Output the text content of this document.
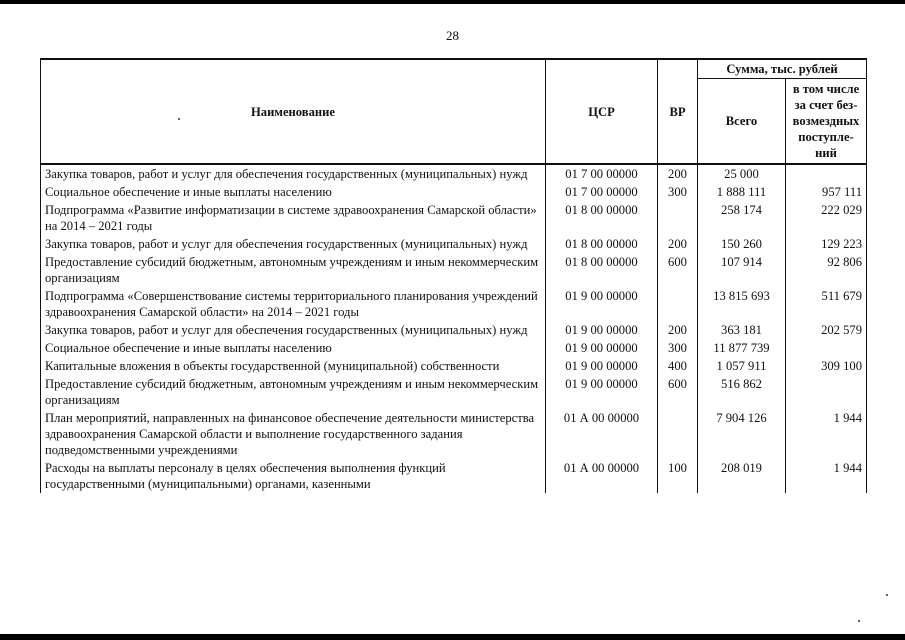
28
Наименование	ЦСР	ВР	Сумма, тыс. рублей	
			Всего	в том числе за счет без-возмездных поступле-ний
Закупка товаров, работ и услуг для обеспечения государственных (муниципальных) нужд	01 7 00 00000	200	25 000	
Социальное обеспечение и иные выплаты населению	01 7 00 00000	300	1 888 111	957 111
Подпрограмма «Развитие информатизации в системе здравоохранения Самарской области» на 2014 – 2021 годы	01 8 00 00000		258 174	222 029
Закупка товаров, работ и услуг для обеспечения государственных (муниципальных) нужд	01 8 00 00000	200	150 260	129 223
Предоставление субсидий бюджетным, автономным учреждениям и иным некоммерческим организациям	01 8 00 00000	600	107 914	92 806
Подпрограмма «Совершенствование системы территориального планирования учреждений здравоохранения Самарской области» на 2014 – 2021 годы	01 9 00 00000		13 815 693	511 679
Закупка товаров, работ и услуг для обеспечения государственных (муниципальных) нужд	01 9 00 00000	200	363 181	202 579
Социальное обеспечение и иные выплаты населению	01 9 00 00000	300	11 877 739	
Капитальные вложения в объекты государственной (муниципальной) собственности	01 9 00 00000	400	1 057 911	309 100
Предоставление субсидий бюджетным, автономным учреждениям и иным некоммерческим организациям	01 9 00 00000	600	516 862	
План мероприятий, направленных на финансовое обеспечение деятельности министерства здравоохранения Самарской области и выполнение государственного задания подведомственными учреждениями	01 А 00 00000		7 904 126	1 944
Расходы на выплаты персоналу в целях обеспечения выполнения функций государственными (муниципальными) органами, казенными	01 А 00 00000	100	208 019	1 944
